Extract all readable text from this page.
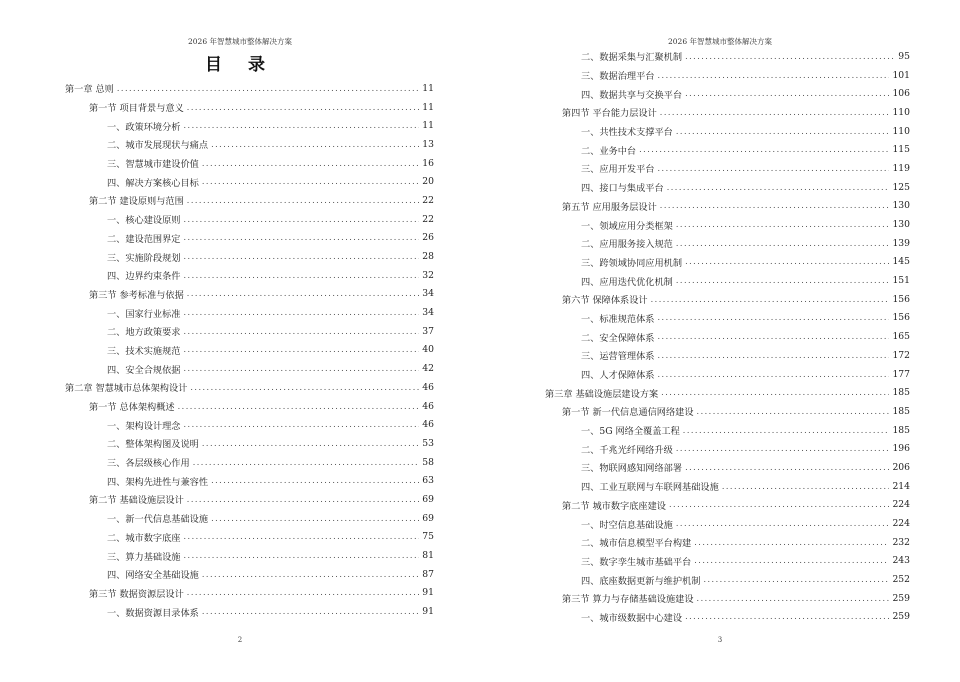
2026 年智慧城市整体解决方案
目 录
第一章 总则 .....	11
第一节 项目背景与意义 .....	11
一、政策环境分析 .....	11
二、城市发展现状与痛点 .....	13
三、智慧城市建设价值 .....	16
四、解决方案核心目标 .....	20
第二节 建设原则与范围 .....	22
一、核心建设原则 .....	22
二、建设范围界定 .....	26
三、实施阶段规划 .....	28
四、边界约束条件 .....	32
第三节 参考标准与依据 .....	34
一、国家行业标准 .....	34
二、地方政策要求 .....	37
三、技术实施规范 .....	40
四、安全合规依据 .....	42
第二章 智慧城市总体架构设计 .....	46
第一节 总体架构概述 .....	46
一、架构设计理念 .....	46
二、整体架构图及说明 .....	53
三、各层级核心作用 .....	58
四、架构先进性与兼容性 .....	63
第二节 基础设施层设计 .....	69
一、新一代信息基础设施 .....	69
二、城市数字底座 .....	75
三、算力基础设施 .....	81
四、网络安全基础设施 .....	87
第三节 数据资源层设计 .....	91
一、数据资源目录体系 .....	91
2
2026 年智慧城市整体解决方案
二、数据采集与汇聚机制 .....	95
三、数据治理平台 .....	101
四、数据共享与交换平台 .....	106
第四节 平台能力层设计 .....	110
一、共性技术支撑平台 .....	110
二、业务中台 .....	115
三、应用开发平台 .....	119
四、接口与集成平台 .....	125
第五节 应用服务层设计 .....	130
一、领域应用分类框架 .....	130
二、应用服务接入规范 .....	139
三、跨领域协同应用机制 .....	145
四、应用迭代优化机制 .....	151
第六节 保障体系设计 .....	156
一、标准规范体系 .....	156
二、安全保障体系 .....	165
三、运营管理体系 .....	172
四、人才保障体系 .....	177
第三章 基础设施层建设方案 .....	185
第一节 新一代信息通信网络建设 .....	185
一、5G 网络全覆盖工程 .....	185
二、千兆光纤网络升级 .....	196
三、物联网感知网络部署 .....	206
四、工业互联网与车联网基础设施 .....	214
第二节 城市数字底座建设 .....	224
一、时空信息基础设施 .....	224
二、城市信息模型平台构建 .....	232
三、数字孪生城市基础平台 .....	243
四、底座数据更新与维护机制 .....	252
第三节 算力与存储基础设施建设 .....	259
一、城市级数据中心建设 .....	259
3
